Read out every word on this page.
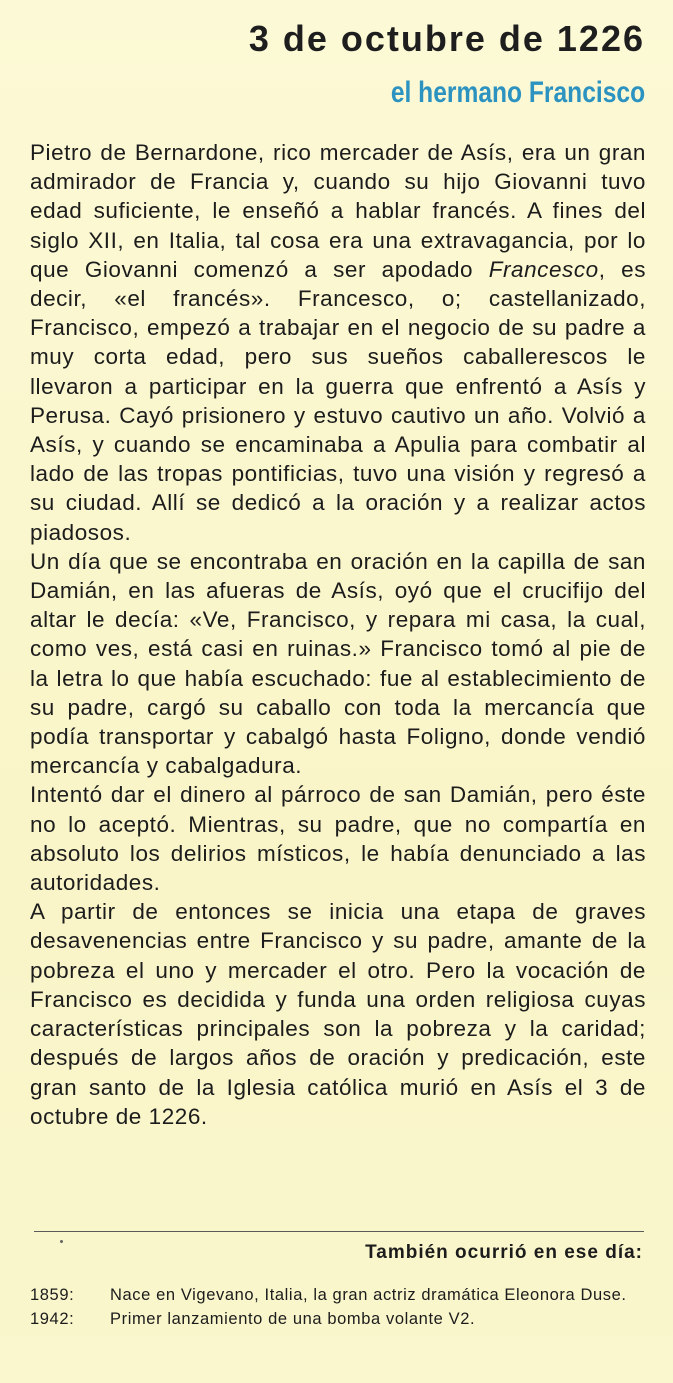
3 de octubre de 1226
el hermano Francisco

Pietro de Bernardone, rico mercader de Asís, era un gran admirador de Francia y, cuando su hijo Giovanni tuvo edad suficiente, le enseñó a hablar francés. A fines del siglo XII, en Italia, tal cosa era una extravagancia, por lo que Giovanni comenzó a ser apodado Francesco, es decir, «el francés». Francesco, o; castellanizado, Francisco, empezó a trabajar en el negocio de su padre a muy corta edad, pero sus sueños caballerescos le llevaron a participar en la guerra que enfrentó a Asís y Perusa. Cayó prisionero y estuvo cautivo un año. Volvió a Asís, y cuando se encaminaba a Apulia para combatir al lado de las tropas pontificias, tuvo una visión y regresó a su ciudad. Allí se dedicó a la oración y a realizar actos piadosos.

Un día que se encontraba en oración en la capilla de san Damián, en las afueras de Asís, oyó que el crucifijo del altar le decía: «Ve, Francisco, y repara mi casa, la cual, como ves, está casi en ruinas.» Francisco tomó al pie de la letra lo que había escuchado: fue al establecimiento de su padre, cargó su caballo con toda la mercancía que podía transportar y cabalgó hasta Foligno, donde vendió mercancía y cabalgadura.

Intentó dar el dinero al párroco de san Damián, pero éste no lo aceptó. Mientras, su padre, que no compartía en absoluto los delirios místicos, le había denunciado a las autoridades.

A partir de entonces se inicia una etapa de graves desavenencias entre Francisco y su padre, amante de la pobreza el uno y mercader el otro. Pero la vocación de Francisco es decidida y funda una orden religiosa cuyas características principales son la pobreza y la caridad; después de largos años de oración y predicación, este gran santo de la Iglesia católica murió en Asís el 3 de octubre de 1226.

También ocurrió en ese día:
1859:	Nace en Vigevano, Italia, la gran actriz dramática Eleonora Duse.
1942:	Primer lanzamiento de una bomba volante V2.
